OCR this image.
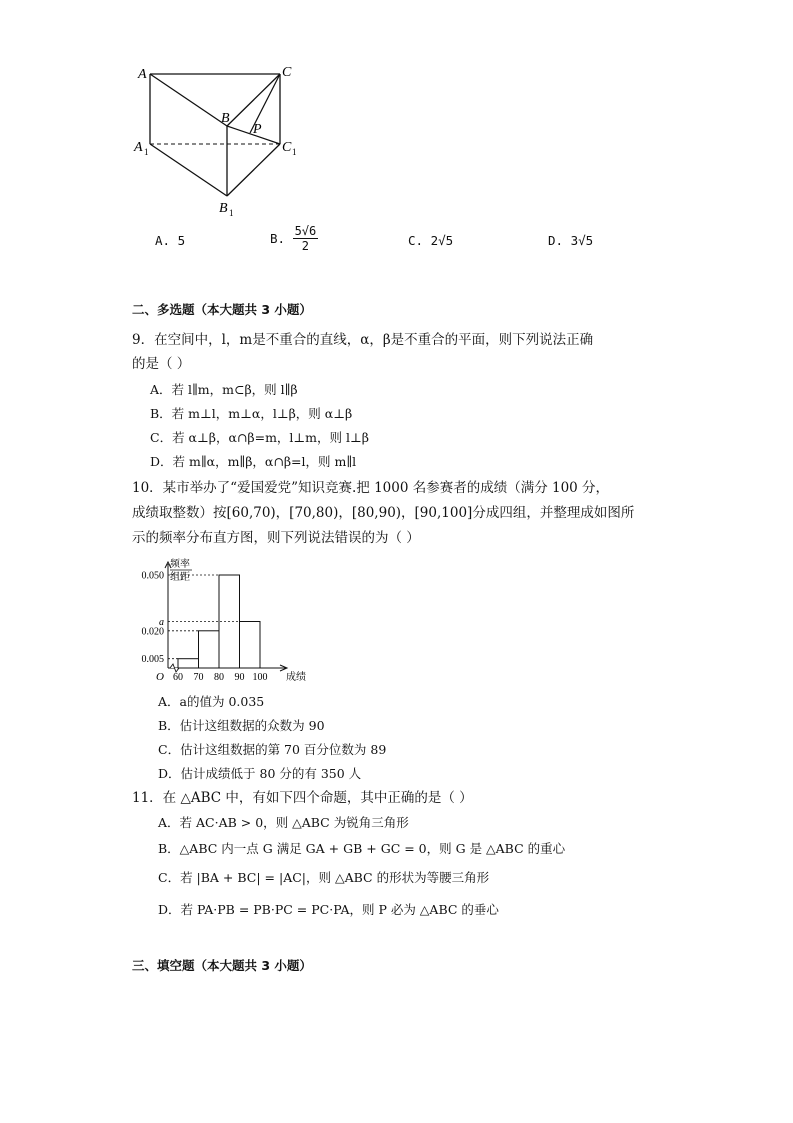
A	C
B
P
A 1	C 1
B 1
A. 5	B. $\frac{5√6}{2}$	C. 2√5	D. 3√5
二、多选题（本大题共 3 小题）
9．在空间中，l，m是不重合的直线，α，β是不重合的平面，则下列说法正确
的是（ ）
A．若 l∥m，m⊂β，则 l∥β
B．若 m⊥l，m⊥α，l⊥β，则 α⊥β
C．若 α⊥β，α∩β=m，l⊥m，则 l⊥β
D．若 m∥α，m∥β，α∩β=l，则 m∥l
10．某市举办了“爱国爱党”知识竞赛.把 1000 名参赛者的成绩（满分 100 分，
成绩取整数）按[60,70)，[70,80)，[80,90)，[90,100]分成四组，并整理成如图所
示的频率分布直方图，则下列说法错误的为（ ）
频率
组距
0.050
a
0.020
0.005
60 70 80 90 100 成绩
O
A．a的值为 0.035
B．估计这组数据的众数为 90
C．估计这组数据的第 70 百分位数为 89
D．估计成绩低于 80 分的有 350 人
11．在 △ABC 中，有如下四个命题，其中正确的是（ ）
A．若 AC·AB > 0，则 △ABC 为锐角三角形
B．△ABC 内一点 G 满足 GA + GB + GC = 0，则 G 是 △ABC 的重心
C．若 |BA + BC| = |AC|，则 △ABC 的形状为等腰三角形
D．若 PA·PB = PB·PC = PC·PA，则 P 必为 △ABC 的垂心
三、填空题（本大题共 3 小题）
